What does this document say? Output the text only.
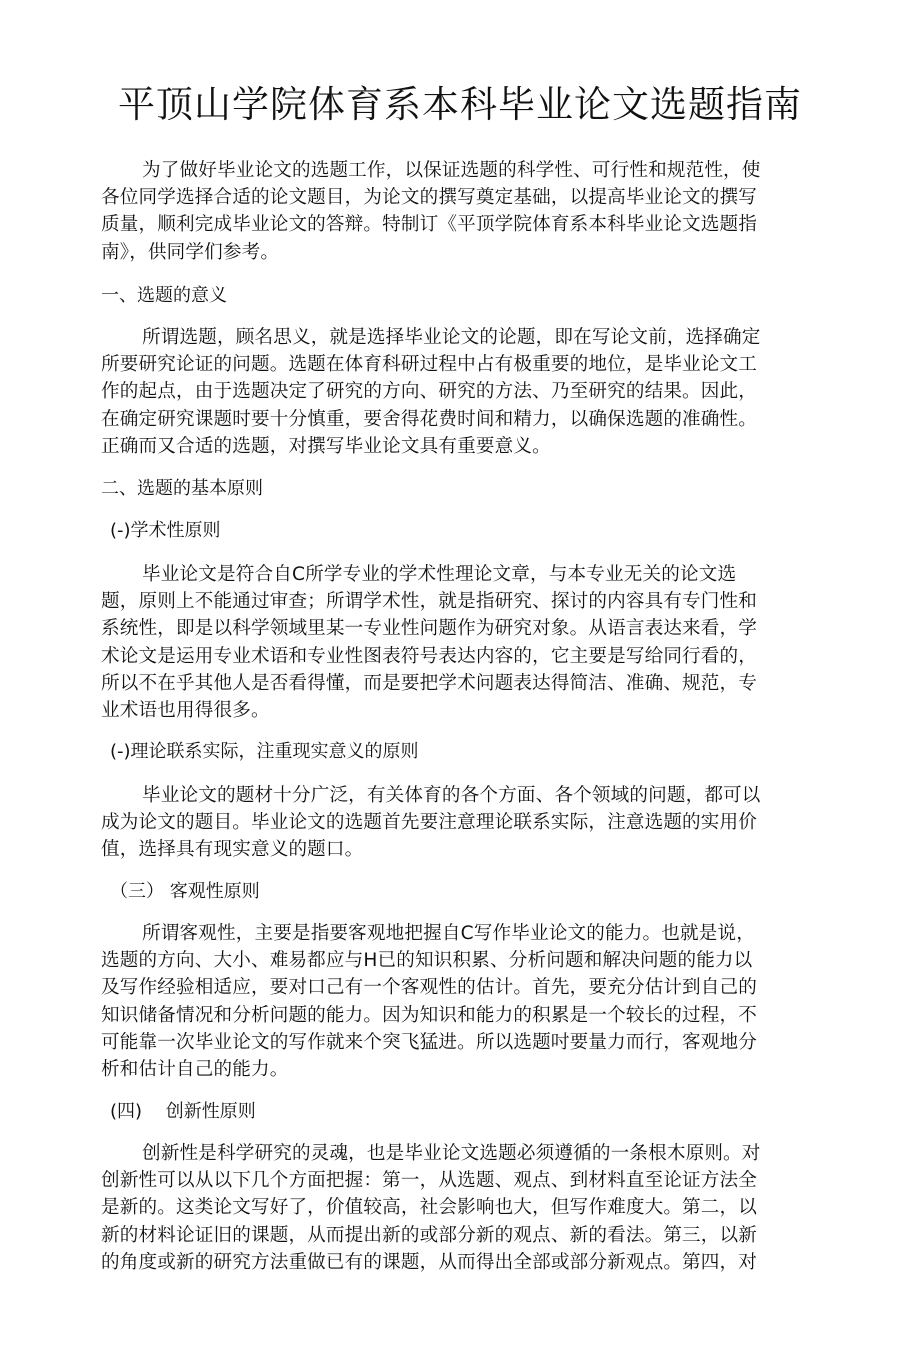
平顶山学院体育系本科毕业论文选题指南
为了做好毕业论文的选题工作，以保证选题的科学性、可行性和规范性，使
各位同学选择合适的论文题目，为论文的撰写奠定基础，以提高毕业论文的撰写
质量，顺利完成毕业论文的答辩。特制订《平顶学院体育系本科毕业论文选题指
南》，供同学们参考。
一、选题的意义
所谓选题，顾名思义，就是选择毕业论文的论题，即在写论文前，选择确定
所要研究论证的问题。选题在体育科研过程中占有极重要的地位，是毕业论文工
作的起点，由于选题决定了研究的方向、研究的方法、乃至研究的结果。因此，
在确定研究课题时要十分慎重，要舍得花费时间和精力，以确保选题的准确性。
正确而又合适的选题，对撰写毕业论文具有重要意义。
二、选题的基本原则
(-)学术性原则
毕业论文是符合自C所学专业的学术性理论文章，与本专业无关的论文选
题，原则上不能通过审查；所谓学术性，就是指研究、探讨的内容具有专门性和
系统性，即是以科学领域里某一专业性问题作为研究对象。从语言表达来看，学
术论文是运用专业术语和专业性图表符号表达内容的，它主要是写给同行看的，
所以不在乎其他人是否看得懂，而是要把学术问题表达得简洁、准确、规范，专
业术语也用得很多。
(-)理论联系实际，注重现实意义的原则
毕业论文的题材十分广泛，有关体育的各个方面、各个领域的问题，都可以
成为论文的题目。毕业论文的选题首先要注意理论联系实际，注意选题的实用价
值，选择具有现实意义的题口。
（三） 客观性原则
所谓客观性，主要是指要客观地把握自C写作毕业论文的能力。也就是说，
选题的方向、大小、难易都应与H已的知识积累、分析问题和解决问题的能力以
及写作经验相适应，要对口己有一个客观性的估计。首先，要充分估计到自己的
知识储备情况和分析问题的能力。因为知识和能力的积累是一个较长的过程，不
可能靠一次毕业论文的写作就来个突飞猛进。所以选题吋要量力而行，客观地分
析和估计自己的能力。
(四)　 创新性原则
创新性是科学研究的灵魂，也是毕业论文选题必须遵循的一条根木原则。对
创新性可以从以下几个方面把握：第一，从选题、观点、到材料直至论证方法全
是新的。这类论文写好了，价值较高，社会影响也大，但写作难度大。第二，以
新的材料论证旧的课题，从而提出新的或部分新的观点、新的看法。第三，以新
的角度或新的研究方法重做已有的课题，从而得出全部或部分新观点。第四，对
